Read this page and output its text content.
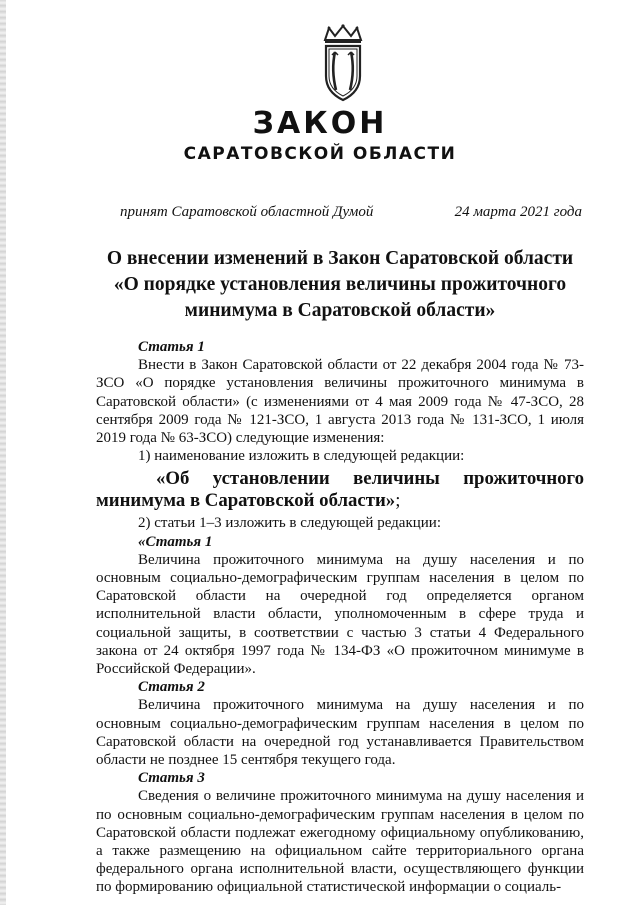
ЗАКОН
САРАТОВСКОЙ ОБЛАСТИ
принят Саратовской областной Думой	24 марта 2021 года
О внесении изменений в Закон Саратовской области
«О порядке установления величины прожиточного
минимума в Саратовской области»

Статья 1

Внести в Закон Саратовской области от 22 декабря 2004 года № 73-ЗСО «О порядке установления величины прожиточного минимума в Саратовской области» (с изменениями от 4 мая 2009 года № 47-ЗСО, 28 сентября 2009 года № 121-ЗСО, 1 августа 2013 года № 131-ЗСО, 1 июля 2019 года № 63-ЗСО) следующие изменения:

1) наименование изложить в следующей редакции:

«Об установлении величины прожиточного минимума в Саратовской области»;

2) статьи 1–3 изложить в следующей редакции:

«Статья 1

Величина прожиточного минимума на душу населения и по основным социально-демографическим группам населения в целом по Саратовской области на очередной год определяется органом исполнительной власти области, уполномоченным в сфере труда и социальной защиты, в соответствии с частью 3 статьи 4 Федерального закона от 24 октября 1997 года № 134-ФЗ «О прожиточном минимуме в Российской Федерации».

Статья 2

Величина прожиточного минимума на душу населения и по основным социально-демографическим группам населения в целом по Саратовской области на очередной год устанавливается Правительством области не позднее 15 сентября текущего года.

Статья 3

Сведения о величине прожиточного минимума на душу населения и по основным социально-демографическим группам населения в целом по Саратовской области подлежат ежегодному официальному опубликованию, а также размещению на официальном сайте территориального органа федерального органа исполнительной власти, осуществляющего функции по формированию официальной статистической информации о социаль-
